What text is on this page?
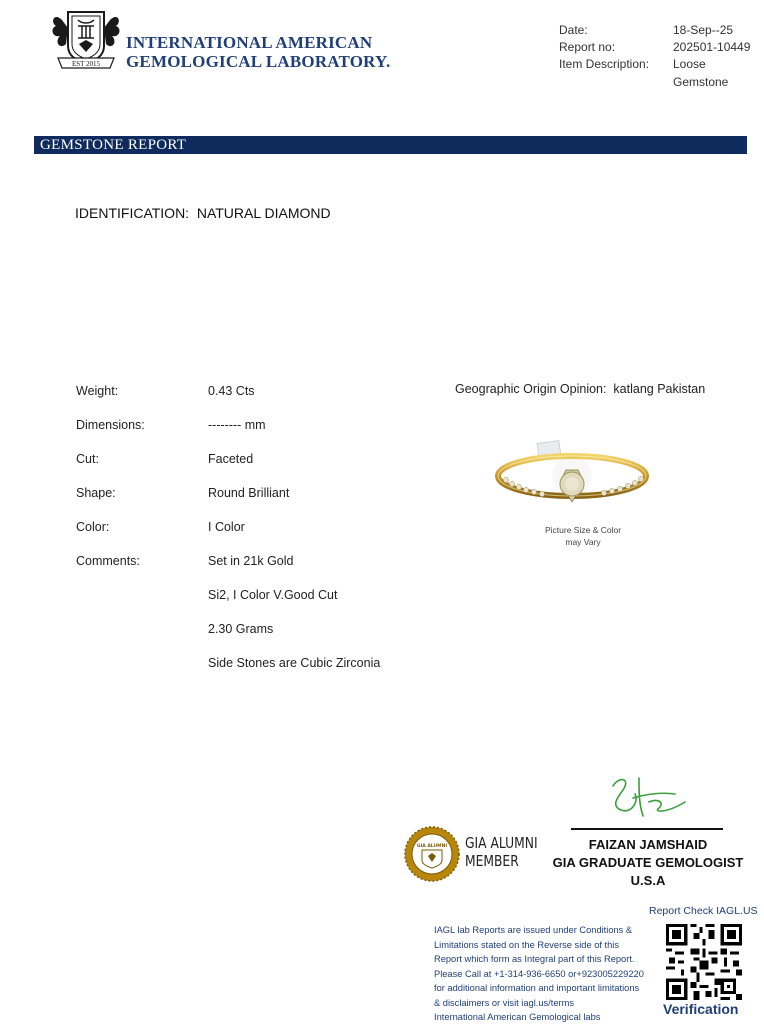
EST 2015
INTERNATIONAL AMERICAN
GEMOLOGICAL LABORATORY.
Date:	18-Sep--25
Report no:	202501-10449
Item Description: Loose Gemstone
GEMSTONE REPORT
IDENTIFICATION:  NATURAL DIAMOND
Weight:	0.43 Cts
Dimensions:	-------- mm
Cut:	Faceted
Shape:	Round Brilliant
Color:	I Color
Comments:	Set in 21k Gold
Si2, I Color V.Good Cut
2.30 Grams
Side Stones are Cubic Zirconia
Geographic Origin Opinion:  katlang Pakistan
Picture Size & Color
may Vary
FAIZAN JAMSHAID
GIA GRADUATE GEMOLOGIST U.S.A
GIA ALUMNI GIA ALUMNI
MEMBER
Report Check IAGL.US
IAGL lab Reports are issued under Conditions &
Limitations stated on the Reverse side of this
Report which form as Integral part of this Report.
Please Call at +1-314-936-6650 or+923005229220
for additional information and important limitations
& disclaimers or visit iagl.us/terms
International American Gemological labs	Verification
